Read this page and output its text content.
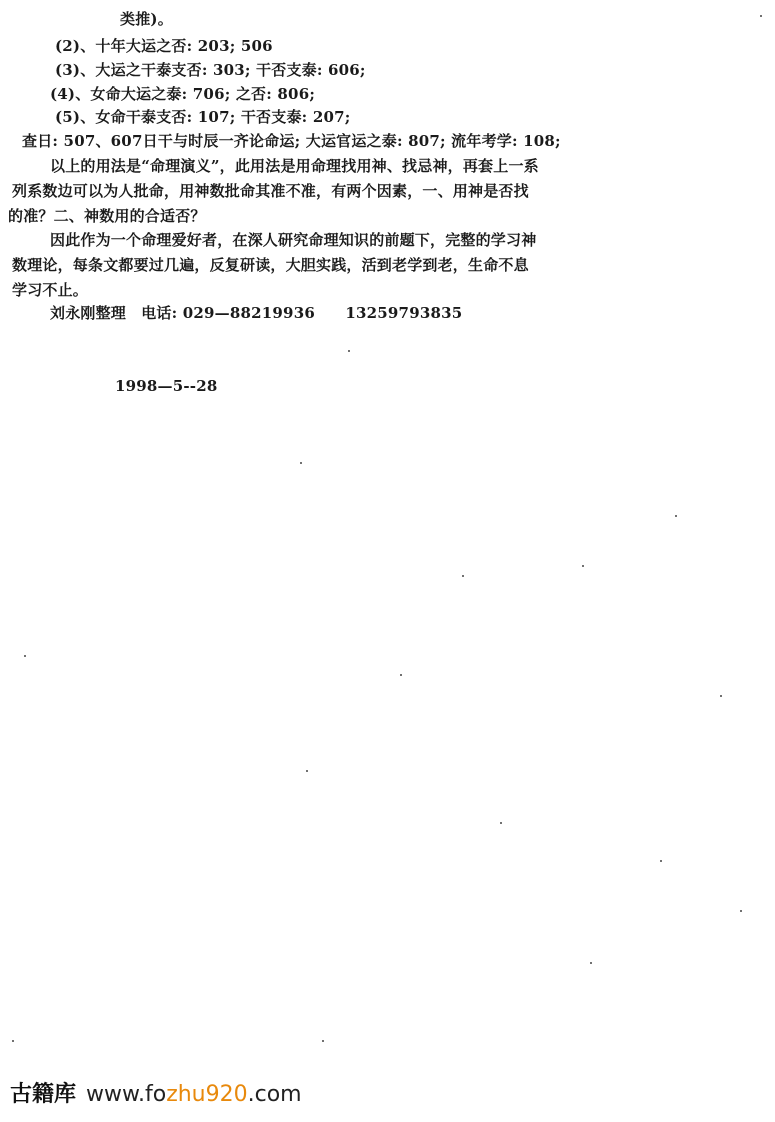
类推)。

(2)、十年大运之否: 203; 506

(3)、大运之干泰支否: 303; 干否支泰: 606;

(4)、女命大运之泰: 706; 之否: 806;

(5)、女命干泰支否: 107; 干否支泰: 207;

查日: 507、607日干与时辰一齐论命运; 大运官运之泰: 807; 流年考学: 108;

以上的用法是“命理演义”，此用法是用命理找用神、找忌神，再套上一系

列系数边可以为人批命，用神数批命其准不准，有两个因素，一、用神是否找

的准？二、神数用的合适否？

因此作为一个命理爱好者，在深人研究命理知识的前题下，完整的学习神

数理论，每条文都要过几遍，反复研读，大胆实践，活到老学到老，生命不息

学习不止。

刘永刚整理　电话: 029—88219936　　13259793835

1998—5--28

古籍库 www.fozhu920.com
